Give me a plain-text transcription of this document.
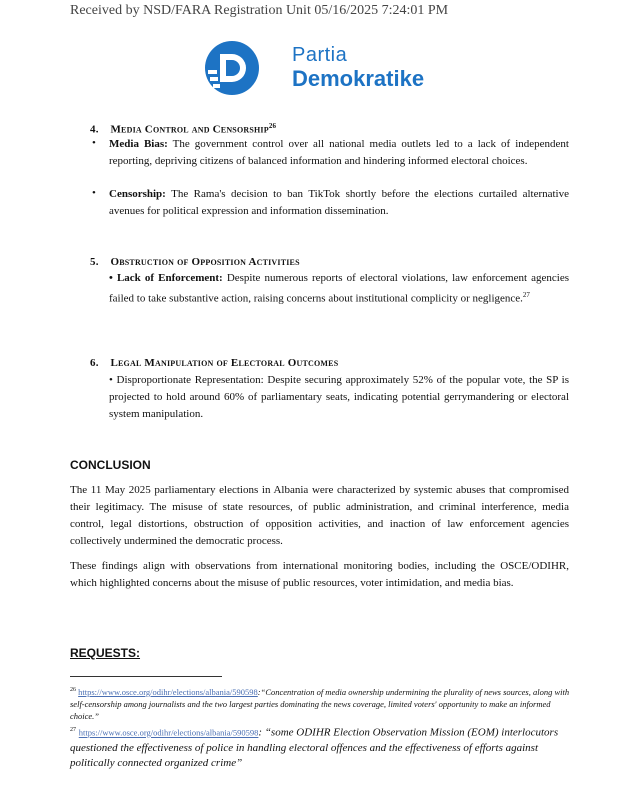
Received by NSD/FARA Registration Unit 05/16/2025 7:24:01 PM
Partia
Demokratike
4. Media Control and Censorship$^{26}$
• Media Bias: The government control over all national media outlets led to a lack of independent reporting, depriving citizens of balanced information and hindering informed electoral choices.
• Censorship: The Rama's decision to ban TikTok shortly before the elections curtailed alternative avenues for political expression and information dissemination.
5. Obstruction of Opposition Activities
• Lack of Enforcement: Despite numerous reports of electoral violations, law enforcement agencies failed to take substantive action, raising concerns about institutional complicity or negligence.$^{27}$
6. Legal Manipulation of Electoral Outcomes
• Disproportionate Representation: Despite securing approximately 52% of the popular vote, the SP is projected to hold around 60% of parliamentary seats, indicating potential gerrymandering or electoral system manipulation.
CONCLUSION
The 11 May 2025 parliamentary elections in Albania were characterized by systemic abuses that compromised their legitimacy. The misuse of state resources, of public administration, and criminal interference, media control, legal distortions, obstruction of opposition activities, and inaction of law enforcement agencies collectively undermined the democratic process.
These findings align with observations from international monitoring bodies, including the OSCE/ODIHR, which highlighted concerns about the misuse of public resources, voter intimidation, and media bias.
REQUESTS:
$^{26}$ https://www.osce.org/odihr/elections/albania/590598:“Concentration of media ownership undermining the plurality of news sources, along with self-censorship among journalists and the two largest parties dominating the news coverage, limited voters' opportunity to make an informed choice.”
$^{27}$ https://www.osce.org/odihr/elections/albania/590598: “some ODIHR Election Observation Mission (EOM) interlocutors questioned the effectiveness of police in handling electoral offences and the effectiveness of efforts against politically connected organized crime”
